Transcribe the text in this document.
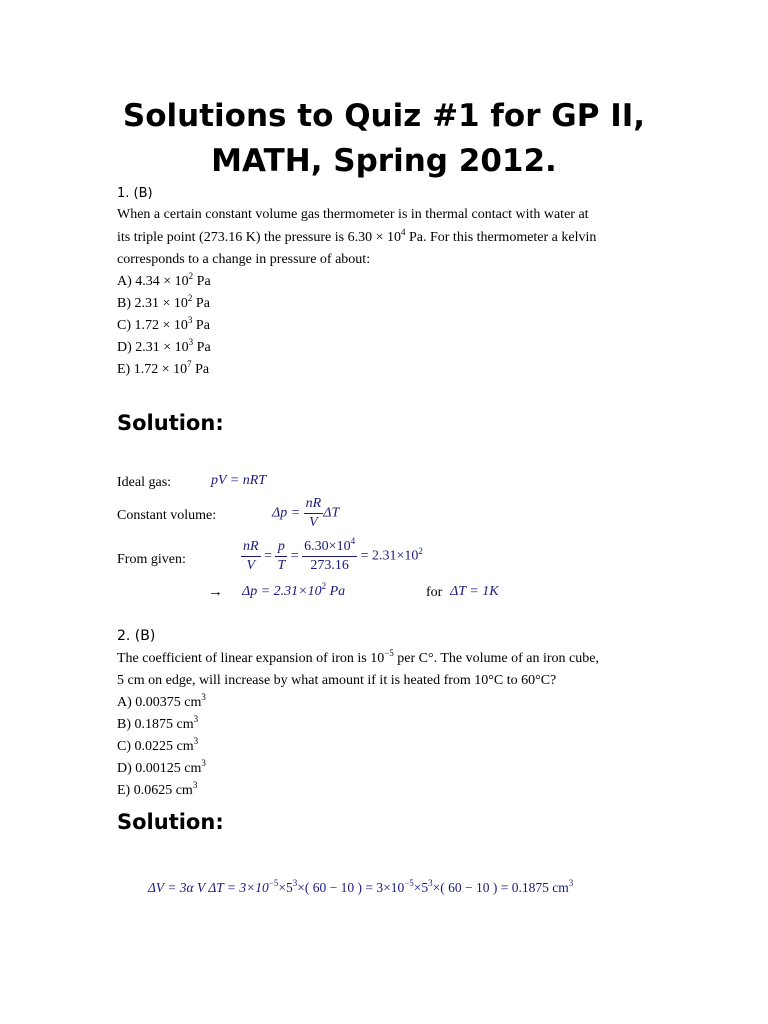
Solutions to Quiz #1 for GP II,
MATH, Spring 2012.
1. (B)
When a certain constant volume gas thermometer is in thermal contact with water at
its triple point (273.16 K) the pressure is $6.30 \times 10^4$ Pa. For this thermometer a kelvin
corresponds to a change in pressure of about:
A) $4.34 \times 10^2$ Pa
B) $2.31 \times 10^2$ Pa
C) $1.72 \times 10^3$ Pa
D) $2.31 \times 10^3$ Pa
E) $1.72 \times 10^7$ Pa
Solution:
Ideal gas:	pV = nRT
Constant volume:	$\Delta p = \frac{nR}{V}$ ΔT
From given:	$\frac{nR}{V} = \frac{p}{T} = \frac{6.30\times 10^4}{273.16} = 2.31\times 10^2$
→ $\Delta p = 2.31\times 10^2$ Pa	for ΔT = 1K
2. (B)
The coefficient of linear expansion of iron is $10^{-5}$ per C°. The volume of an iron cube,
5 cm on edge, will increase by what amount if it is heated from 10°C to 60°C?
A) 0.00375 $cm^3$
B) 0.1875 $cm^3$
C) 0.0225 $cm^3$
D) 0.00125 $cm^3$
E) 0.0625 $cm^3$
Solution:
ΔV = 3α V $\Delta T = 3\times 10^{-5}\times 5^3\times$( 60 − 10 ) = $3\times 10^{-5}\times 5^3\times$( 60 − 10 ) = 0.1875 $cm^3$
